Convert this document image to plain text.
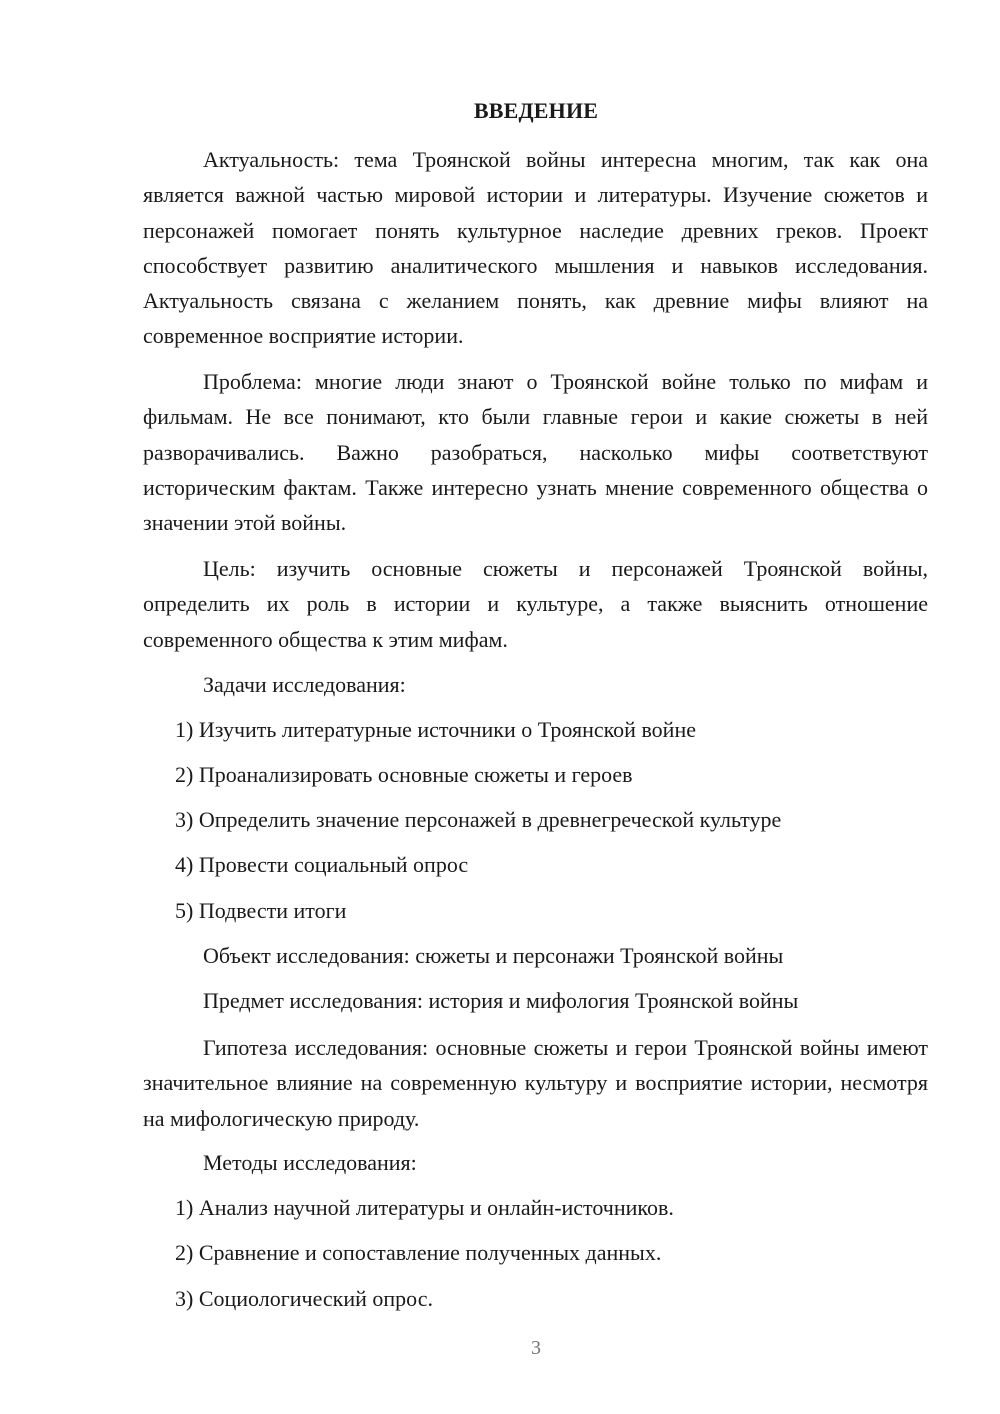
ВВЕДЕНИЕ

Актуальность: тема Троянской войны интересна многим, так как она является важной частью мировой истории и литературы. Изучение сюжетов и персонажей помогает понять культурное наследие древних греков. Проект способствует развитию аналитического мышления и навыков исследования. Актуальность связана с желанием понять, как древние мифы влияют на современное восприятие истории.

Проблема: многие люди знают о Троянской войне только по мифам и фильмам. Не все понимают, кто были главные герои и какие сюжеты в ней разворачивались. Важно разобраться, насколько мифы соответствуют историческим фактам. Также интересно узнать мнение современного общества о значении этой войны.

Цель: изучить основные сюжеты и персонажей Троянской войны, определить их роль в истории и культуре, а также выяснить отношение современного общества к этим мифам.

Задачи исследования:

1) Изучить литературные источники о Троянской войне

2) Проанализировать основные сюжеты и героев

3) Определить значение персонажей в древнегреческой культуре

4) Провести социальный опрос

5) Подвести итоги

Объект исследования: сюжеты и персонажи Троянской войны

Предмет исследования: история и мифология Троянской войны

Гипотеза исследования: основные сюжеты и герои Троянской войны имеют значительное влияние на современную культуру и восприятие истории, несмотря на мифологическую природу.

Методы исследования:

1) Анализ научной литературы и онлайн-источников.

2) Сравнение и сопоставление полученных данных.

3) Социологический опрос.

3
